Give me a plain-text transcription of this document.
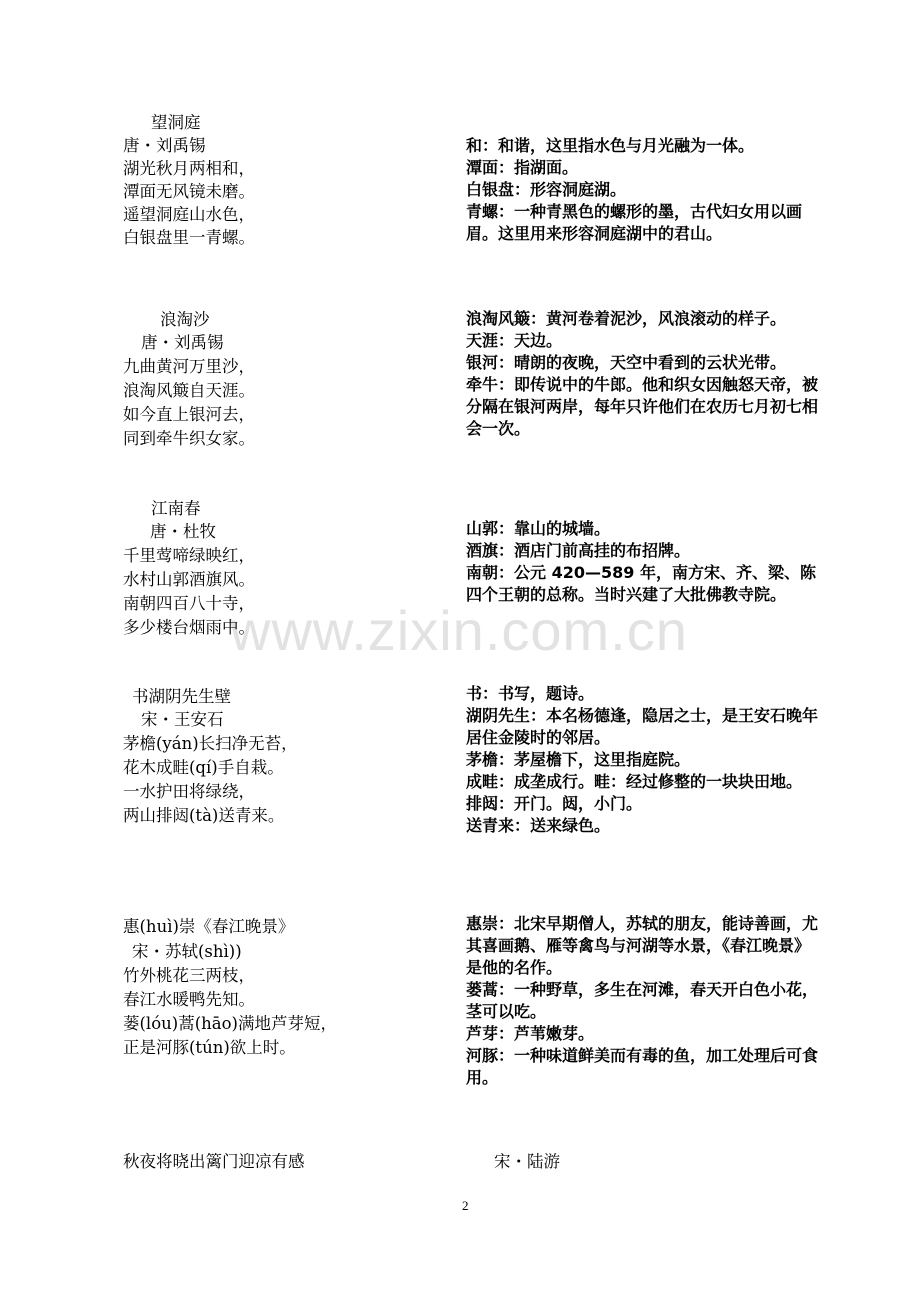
www.zixin.com.cn
望洞庭
唐・刘禹锡
湖光秋月两相和，
潭面无风镜未磨。
遥望洞庭山水色，
白银盘里一青螺。

和：和谐，这里指水色与月光融为一体。

潭面：指湖面。

白银盘：形容洞庭湖。

青螺：一种青黑色的螺形的墨，古代妇女用以画眉。这里用来形容洞庭湖中的君山。

浪淘沙
唐・刘禹锡
九曲黄河万里沙，
浪淘风簸自天涯。
如今直上银河去，
同到牵牛织女家。

浪淘风簸：黄河卷着泥沙，风浪滚动的样子。

天涯：天边。

银河：晴朗的夜晚，天空中看到的云状光带。

牵牛：即传说中的牛郎。他和织女因触怒天帝，被分隔在银河两岸，每年只许他们在农历七月初七相会一次。

江南春
唐・杜牧
千里莺啼绿映红，
水村山郭酒旗风。
南朝四百八十寺，
多少楼台烟雨中。

山郭：靠山的城墙。

酒旗：酒店门前高挂的布招牌。

南朝：公元 420—589 年，南方宋、齐、梁、陈四个王朝的总称。当时兴建了大批佛教寺院。

书湖阴先生壁
宋・王安石
茅檐(yán)长扫净无苔，
花木成畦(qí)手自栽。
一水护田将绿绕，
两山排闼(tà)送青来。

书：书写，题诗。

湖阴先生：本名杨德逢，隐居之士，是王安石晚年居住金陵时的邻居。

茅檐：茅屋檐下，这里指庭院。

成畦：成垄成行。畦：经过修整的一块块田地。

排闼：开门。闼，小门。

送青来：送来绿色。

惠(huì)崇《春江晚景》
宋・苏轼(shì))
竹外桃花三两枝，
春江水暖鸭先知。
蒌(lóu)蒿(hāo)满地芦芽短，
正是河豚(tún)欲上时。

惠崇：北宋早期僧人，苏轼的朋友，能诗善画，尤其喜画鹅、雁等禽鸟与河湖等水景，《春江晚景》是他的名作。

蒌蒿：一种野草，多生在河滩，春天开白色小花，茎可以吃。

芦芽：芦苇嫩芽。

河豚：一种味道鲜美而有毒的鱼，加工处理后可食用。

秋夜将晓出篱门迎凉有感	宋・陆游
2
